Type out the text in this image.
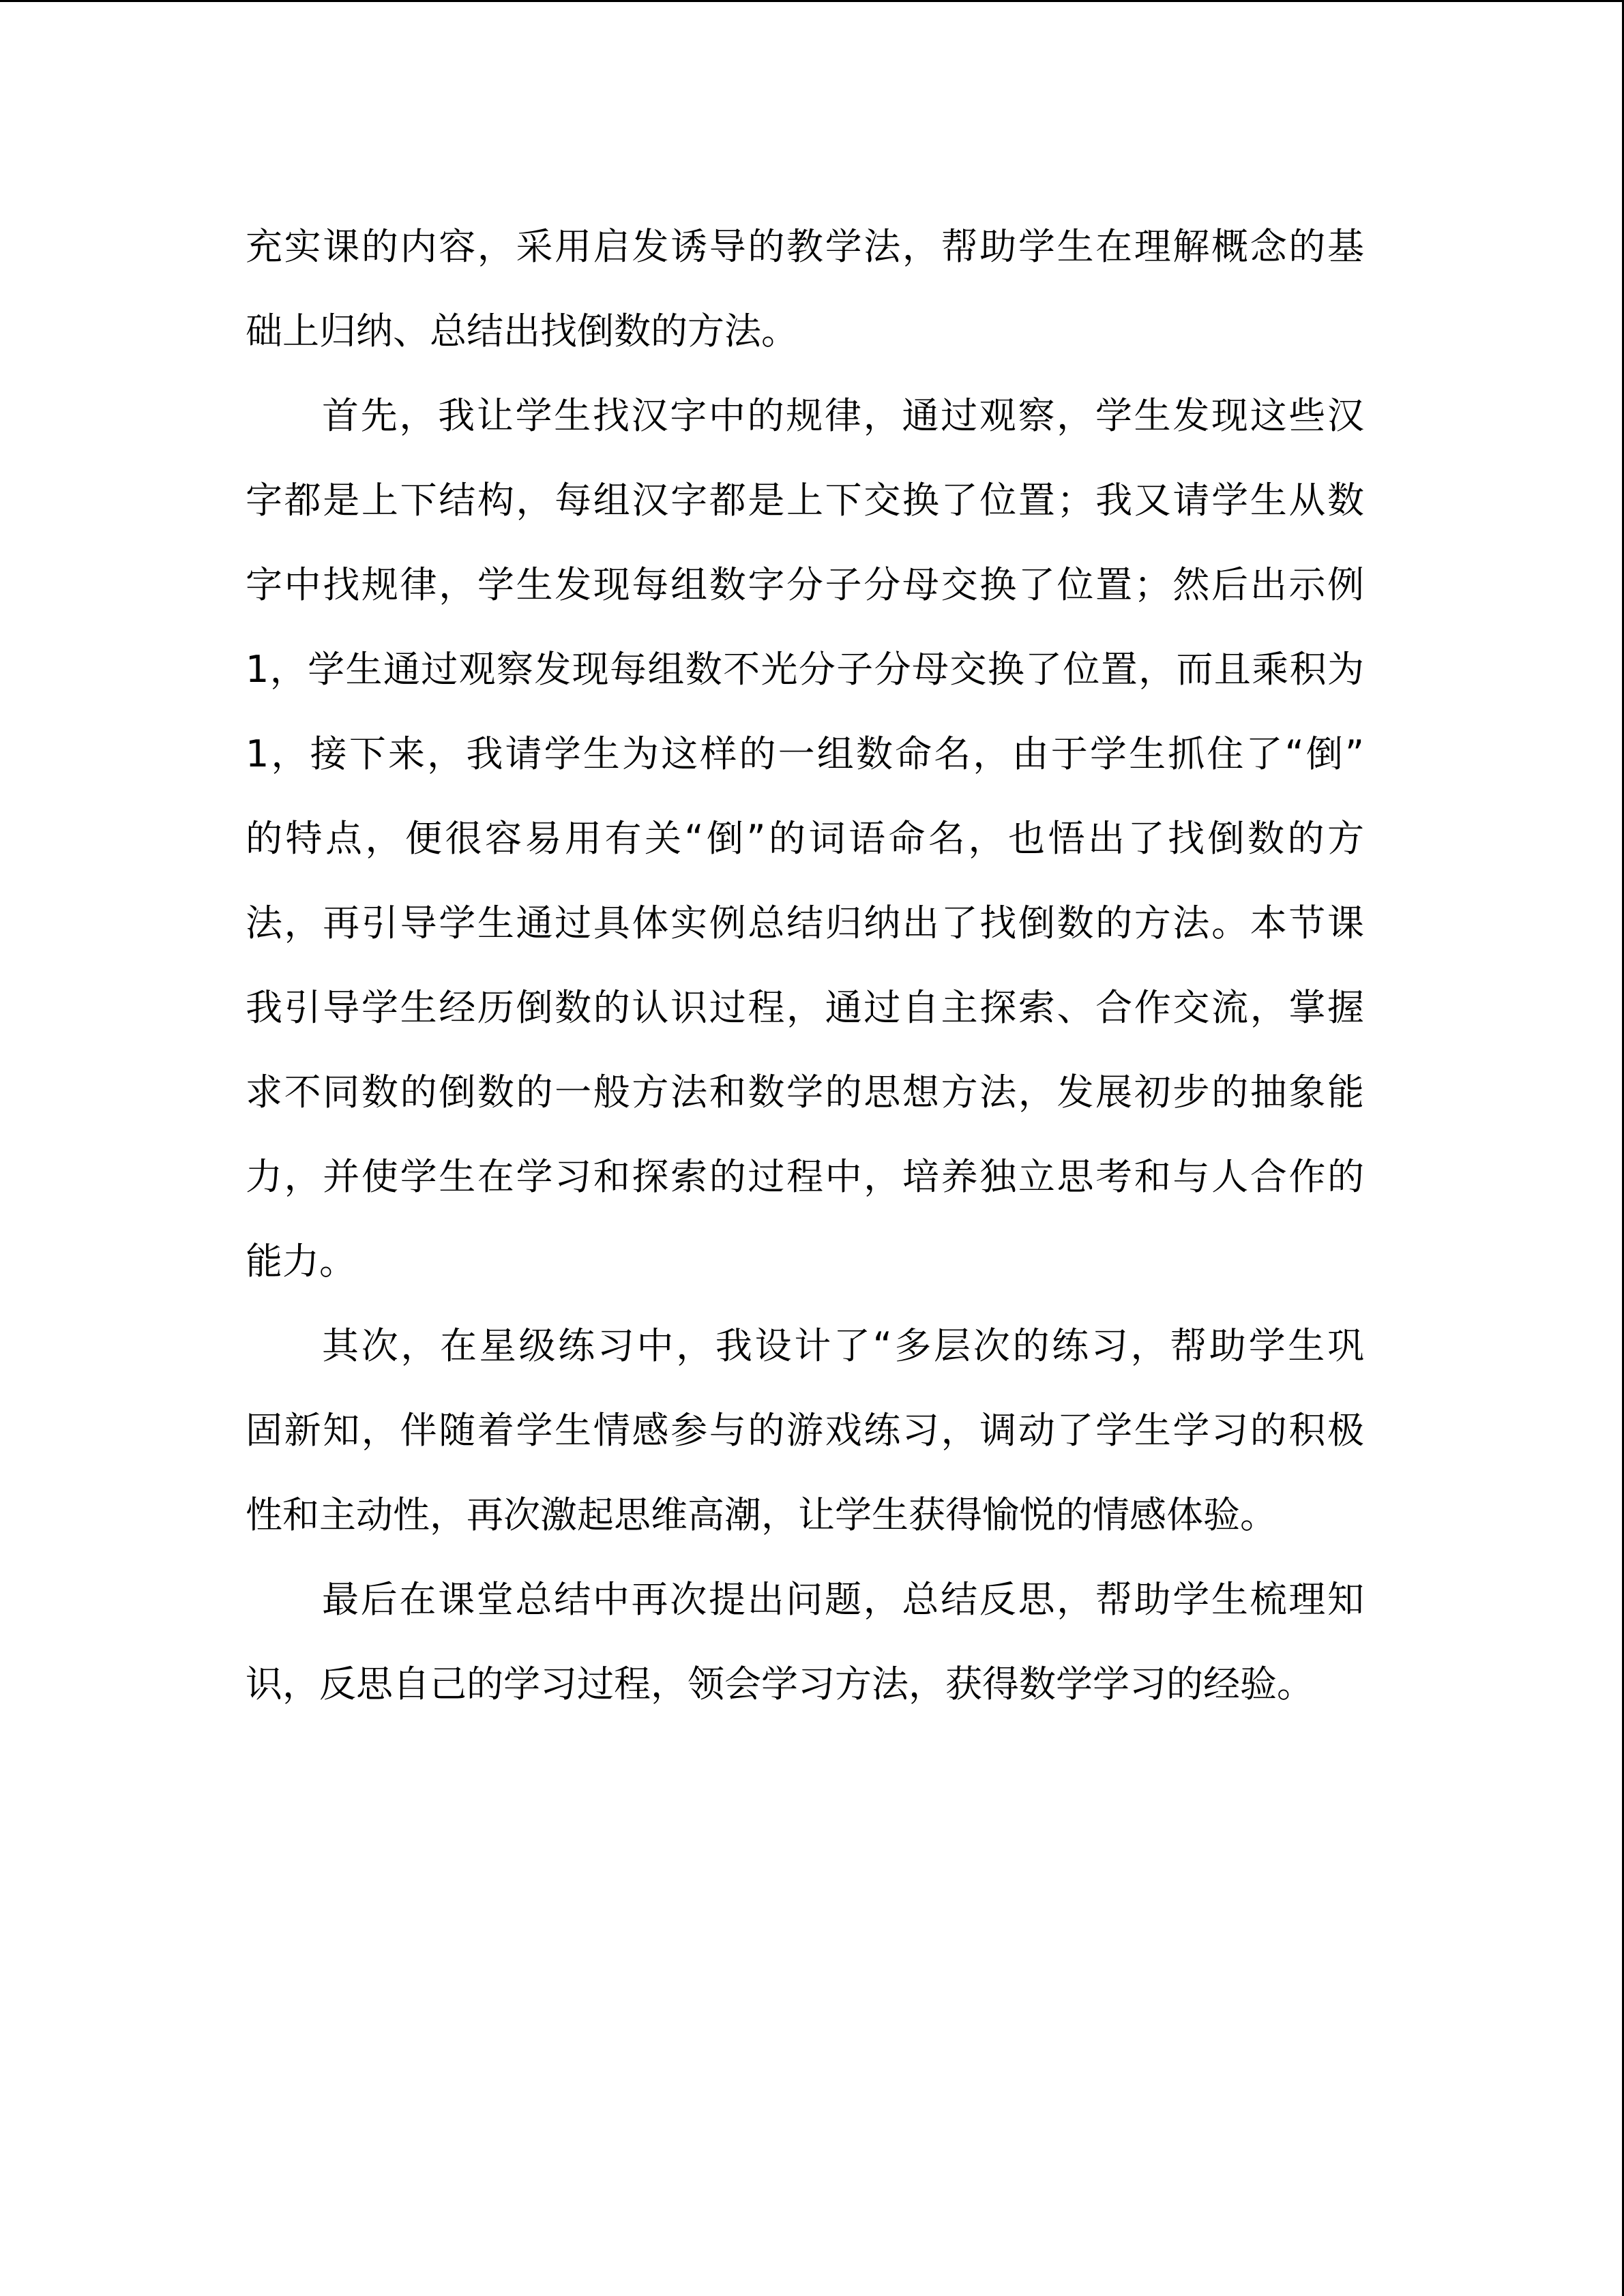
充实课的内容，采用启发诱导的教学法，帮助学生在理解概念的基
础上归纳、总结出找倒数的方法。

首先，我让学生找汉字中的规律，通过观察，学生发现这些汉
字都是上下结构，每组汉字都是上下交换了位置；我又请学生从数
字中找规律，学生发现每组数字分子分母交换了位置；然后出示例
1，学生通过观察发现每组数不光分子分母交换了位置，而且乘积为
1，接下来，我请学生为这样的一组数命名，由于学生抓住了“倒”
的特点，便很容易用有关“倒”的词语命名，也悟出了找倒数的方
法，再引导学生通过具体实例总结归纳出了找倒数的方法。本节课
我引导学生经历倒数的认识过程，通过自主探索、合作交流，掌握
求不同数的倒数的一般方法和数学的思想方法，发展初步的抽象能
力，并使学生在学习和探索的过程中，培养独立思考和与人合作的
能力。

其次，在星级练习中，我设计了“多层次的练习，帮助学生巩
固新知，伴随着学生情感参与的游戏练习，调动了学生学习的积极
性和主动性，再次激起思维高潮，让学生获得愉悦的情感体验。

最后在课堂总结中再次提出问题，总结反思，帮助学生梳理知
识，反思自己的学习过程，领会学习方法，获得数学学习的经验。
